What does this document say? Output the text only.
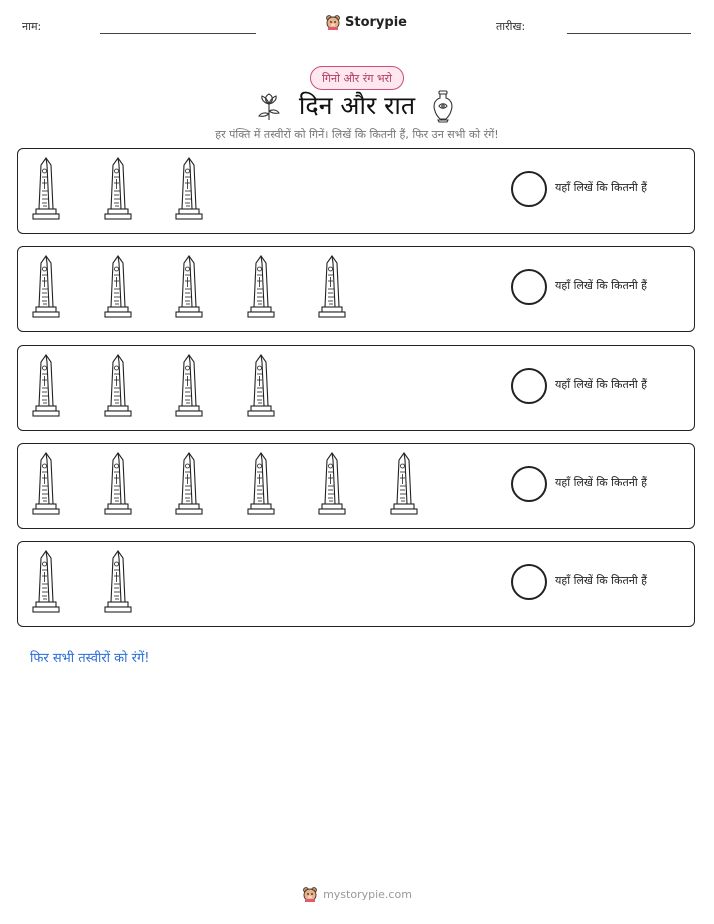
नाम:	Storypie	तारीख:
गिनो और रंग भरो
दिन और रात
हर पंक्ति में तस्वीरों को गिनें। लिखें कि कितनी हैं, फिर उन सभी को रंगें!
यहाँ लिखें कि कितनी हैं
यहाँ लिखें कि कितनी हैं
यहाँ लिखें कि कितनी हैं
यहाँ लिखें कि कितनी हैं
यहाँ लिखें कि कितनी हैं
फिर सभी तस्वीरों को रंगें!
mystorypie.com
